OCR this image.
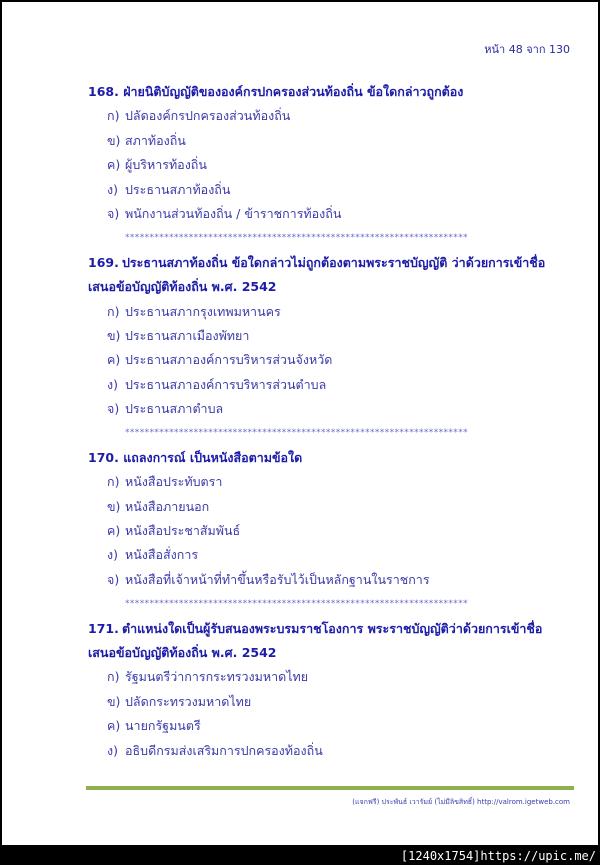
หน้า 48 จาก 130
168. ฝ่ายนิติบัญญัติขององค์กรปกครองส่วนท้องถิ่น ข้อใดกล่าวถูกต้อง
ก) ปลัดองค์กรปกครองส่วนท้องถิ่น
ข) สภาท้องถิ่น
ค) ผู้บริหารท้องถิ่น
ง) ประธานสภาท้องถิ่น
จ) พนักงานส่วนท้องถิ่น / ข้าราชการท้องถิ่น
**********************************************************************
169. ประธานสภาท้องถิ่น ข้อใดกล่าวไม่ถูกต้องตามพระราชบัญญัติ ว่าด้วยการเข้าชื่อ
เสนอข้อบัญญัติท้องถิ่น พ.ศ. 2542
ก) ประธานสภากรุงเทพมหานคร
ข) ประธานสภาเมืองพัทยา
ค) ประธานสภาองค์การบริหารส่วนจังหวัด
ง) ประธานสภาองค์การบริหารส่วนตำบล
จ) ประธานสภาตำบล
**********************************************************************
170. แถลงการณ์ เป็นหนังสือตามข้อใด
ก) หนังสือประทับตรา
ข) หนังสือภายนอก
ค) หนังสือประชาสัมพันธ์
ง) หนังสือสั่งการ
จ) หนังสือที่เจ้าหน้าที่ทำขึ้นหรือรับไว้เป็นหลักฐานในราชการ
**********************************************************************
171. ตำแหน่งใดเป็นผู้รับสนองพระบรมราชโองการ พระราชบัญญัติว่าด้วยการเข้าชื่อ
เสนอข้อบัญญัติท้องถิ่น พ.ศ. 2542
ก) รัฐมนตรีว่าการกระทรวงมหาดไทย
ข) ปลัดกระทรวงมหาดไทย
ค) นายกรัฐมนตรี
ง) อธิบดีกรมส่งเสริมการปกครองท้องถิ่น
(แจกฟรี) ประพันธ์ เวารัมย์ (ไม่มีลิขสิทธิ์) http://valrom.igetweb.com
[1240x1754]https://upic.me/
